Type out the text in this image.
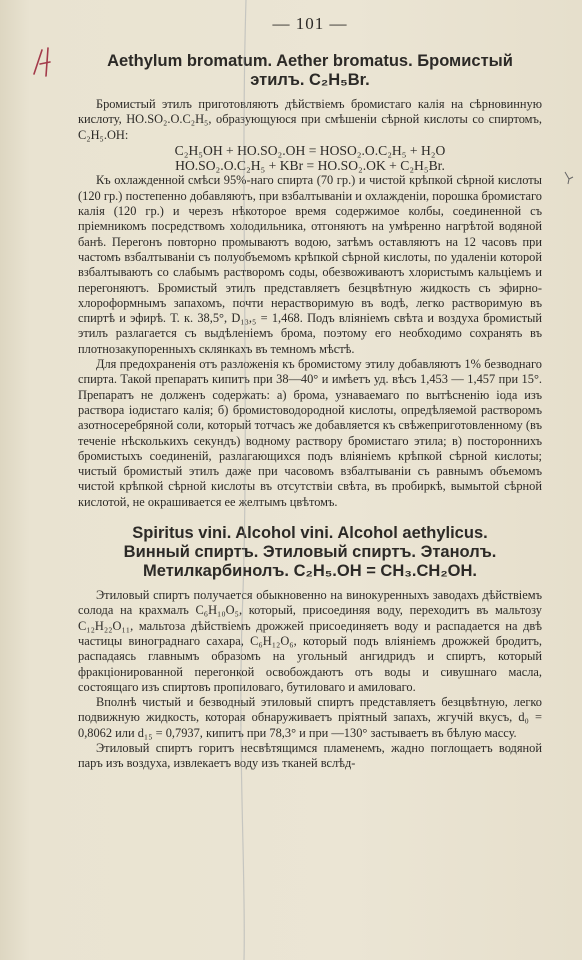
— 101 —
Aethylum bromatum. Aether bromatus. Бромистый
этилъ. C₂H₅Br.

Бромистый этилъ приготовляютъ дѣйствіемъ бромистаго калія на сѣрновинную кислоту, HO.SO₂.O.C₂H₅, образующуюся при смѣшеніи сѣрной кислоты со спиртомъ, C₂H₅.OH:

C₂H₅OH + HO.SO₂.OH = HOSO₂.O.C₂H₅ + H₂O
HO.SO₂.O.C₂H₅ + KBr = HO.SO₂.OK + C₂H₅Br.

Къ охлажденной смѣси 95%-наго спирта (70 гр.) и чистой крѣпкой сѣрной кислоты (120 гр.) постепенно добавляютъ, при взбалтываніи и охлажденіи, порошка бромистаго калія (120 гр.) и черезъ нѣкоторое время содержимое колбы, соединенной съ пріемникомъ посредствомъ холодильника, отгоняютъ на умѣренно нагрѣтой водяной банѣ. Перегонъ повторно промываютъ водою, затѣмъ оставляютъ на 12 часовъ при частомъ взбалтываніи съ полуобъемомъ крѣпкой сѣрной кислоты, по удаленіи которой взбалтываютъ со слабымъ растворомъ соды, обезвоживаютъ хлористымъ кальціемъ и перегоняютъ. Бромистый этилъ представляетъ безцвѣтную жидкость съ эфирно-хлороформнымъ запахомъ, почти нерастворимую въ водѣ, легко растворимую въ спиртѣ и эфирѣ. Т. к. 38,5°, D₁₃,₅ = 1,468. Подъ вліяніемъ свѣта и воздуха бромистый этилъ разлагается съ выдѣленіемъ брома, поэтому его необходимо сохранять въ плотнозакупоренныхъ склянкахъ въ темномъ мѣстѣ.

Для предохраненія отъ разложенія къ бромистому этилу добавляютъ 1% безводнаго спирта. Такой препаратъ кипитъ при 38—40° и имѣетъ уд. вѣсъ 1,453 — 1,457 при 15°. Препаратъ не долженъ содержать: а) брома, узнаваемаго по вытѣсненію іода изъ раствора іодистаго калія; б) бромистоводородной кислоты, опредѣляемой растворомъ азотносеребряной соли, который тотчасъ же добавляется къ свѣжеприготовленному (въ теченіе нѣсколькихъ секундъ) водному раствору бромистаго этила; в) постороннихъ бромистыхъ соединеній, разлагающихся подъ вліяніемъ крѣпкой сѣрной кислоты; чистый бромистый этилъ даже при часовомъ взбалтываніи съ равнымъ объемомъ чистой крѣпкой сѣрной кислоты въ отсутствіи свѣта, въ пробиркѣ, вымытой сѣрной кислотой, не окрашивается ее желтымъ цвѣтомъ.

Spiritus vini. Alcohol vini. Alcohol aethylicus.
Винный спиртъ. Этиловый спиртъ. Этанолъ.
Метилкарбинолъ. C₂H₅.OH = CH₃.CH₂OH.

Этиловый спиртъ получается обыкновенно на винокуренныхъ заводахъ дѣйствіемъ солода на крахмалъ C₆H₁₀O₅, который, присоединяя воду, переходитъ въ мальтозу C₁₂H₂₂O₁₁, мальтоза дѣйствіемъ дрожжей присоединяетъ воду и распадается на двѣ частицы винограднаго сахара, C₆H₁₂O₆, который подъ вліяніемъ дрожжей бродитъ, распадаясь главнымъ образомъ на угольный ангидридъ и спиртъ, который фракціонированной перегонкой освобождаютъ отъ воды и сивушнаго масла, состоящаго изъ спиртовъ пропиловаго, бутиловаго и амиловаго.

Вполнѣ чистый и безводный этиловый спиртъ представляетъ безцвѣтную, легко подвижную жидкость, которая обнаруживаетъ пріятный запахъ, жгучій вкусъ, d₀ = 0,8062 или d₁₅ = 0,7937, кипитъ при 78,3° и при —130° застываетъ въ бѣлую массу.

Этиловый спиртъ горитъ несвѣтящимся пламенемъ, жадно поглощаетъ водяной паръ изъ воздуха, извлекаетъ воду изъ тканей вслѣд-
